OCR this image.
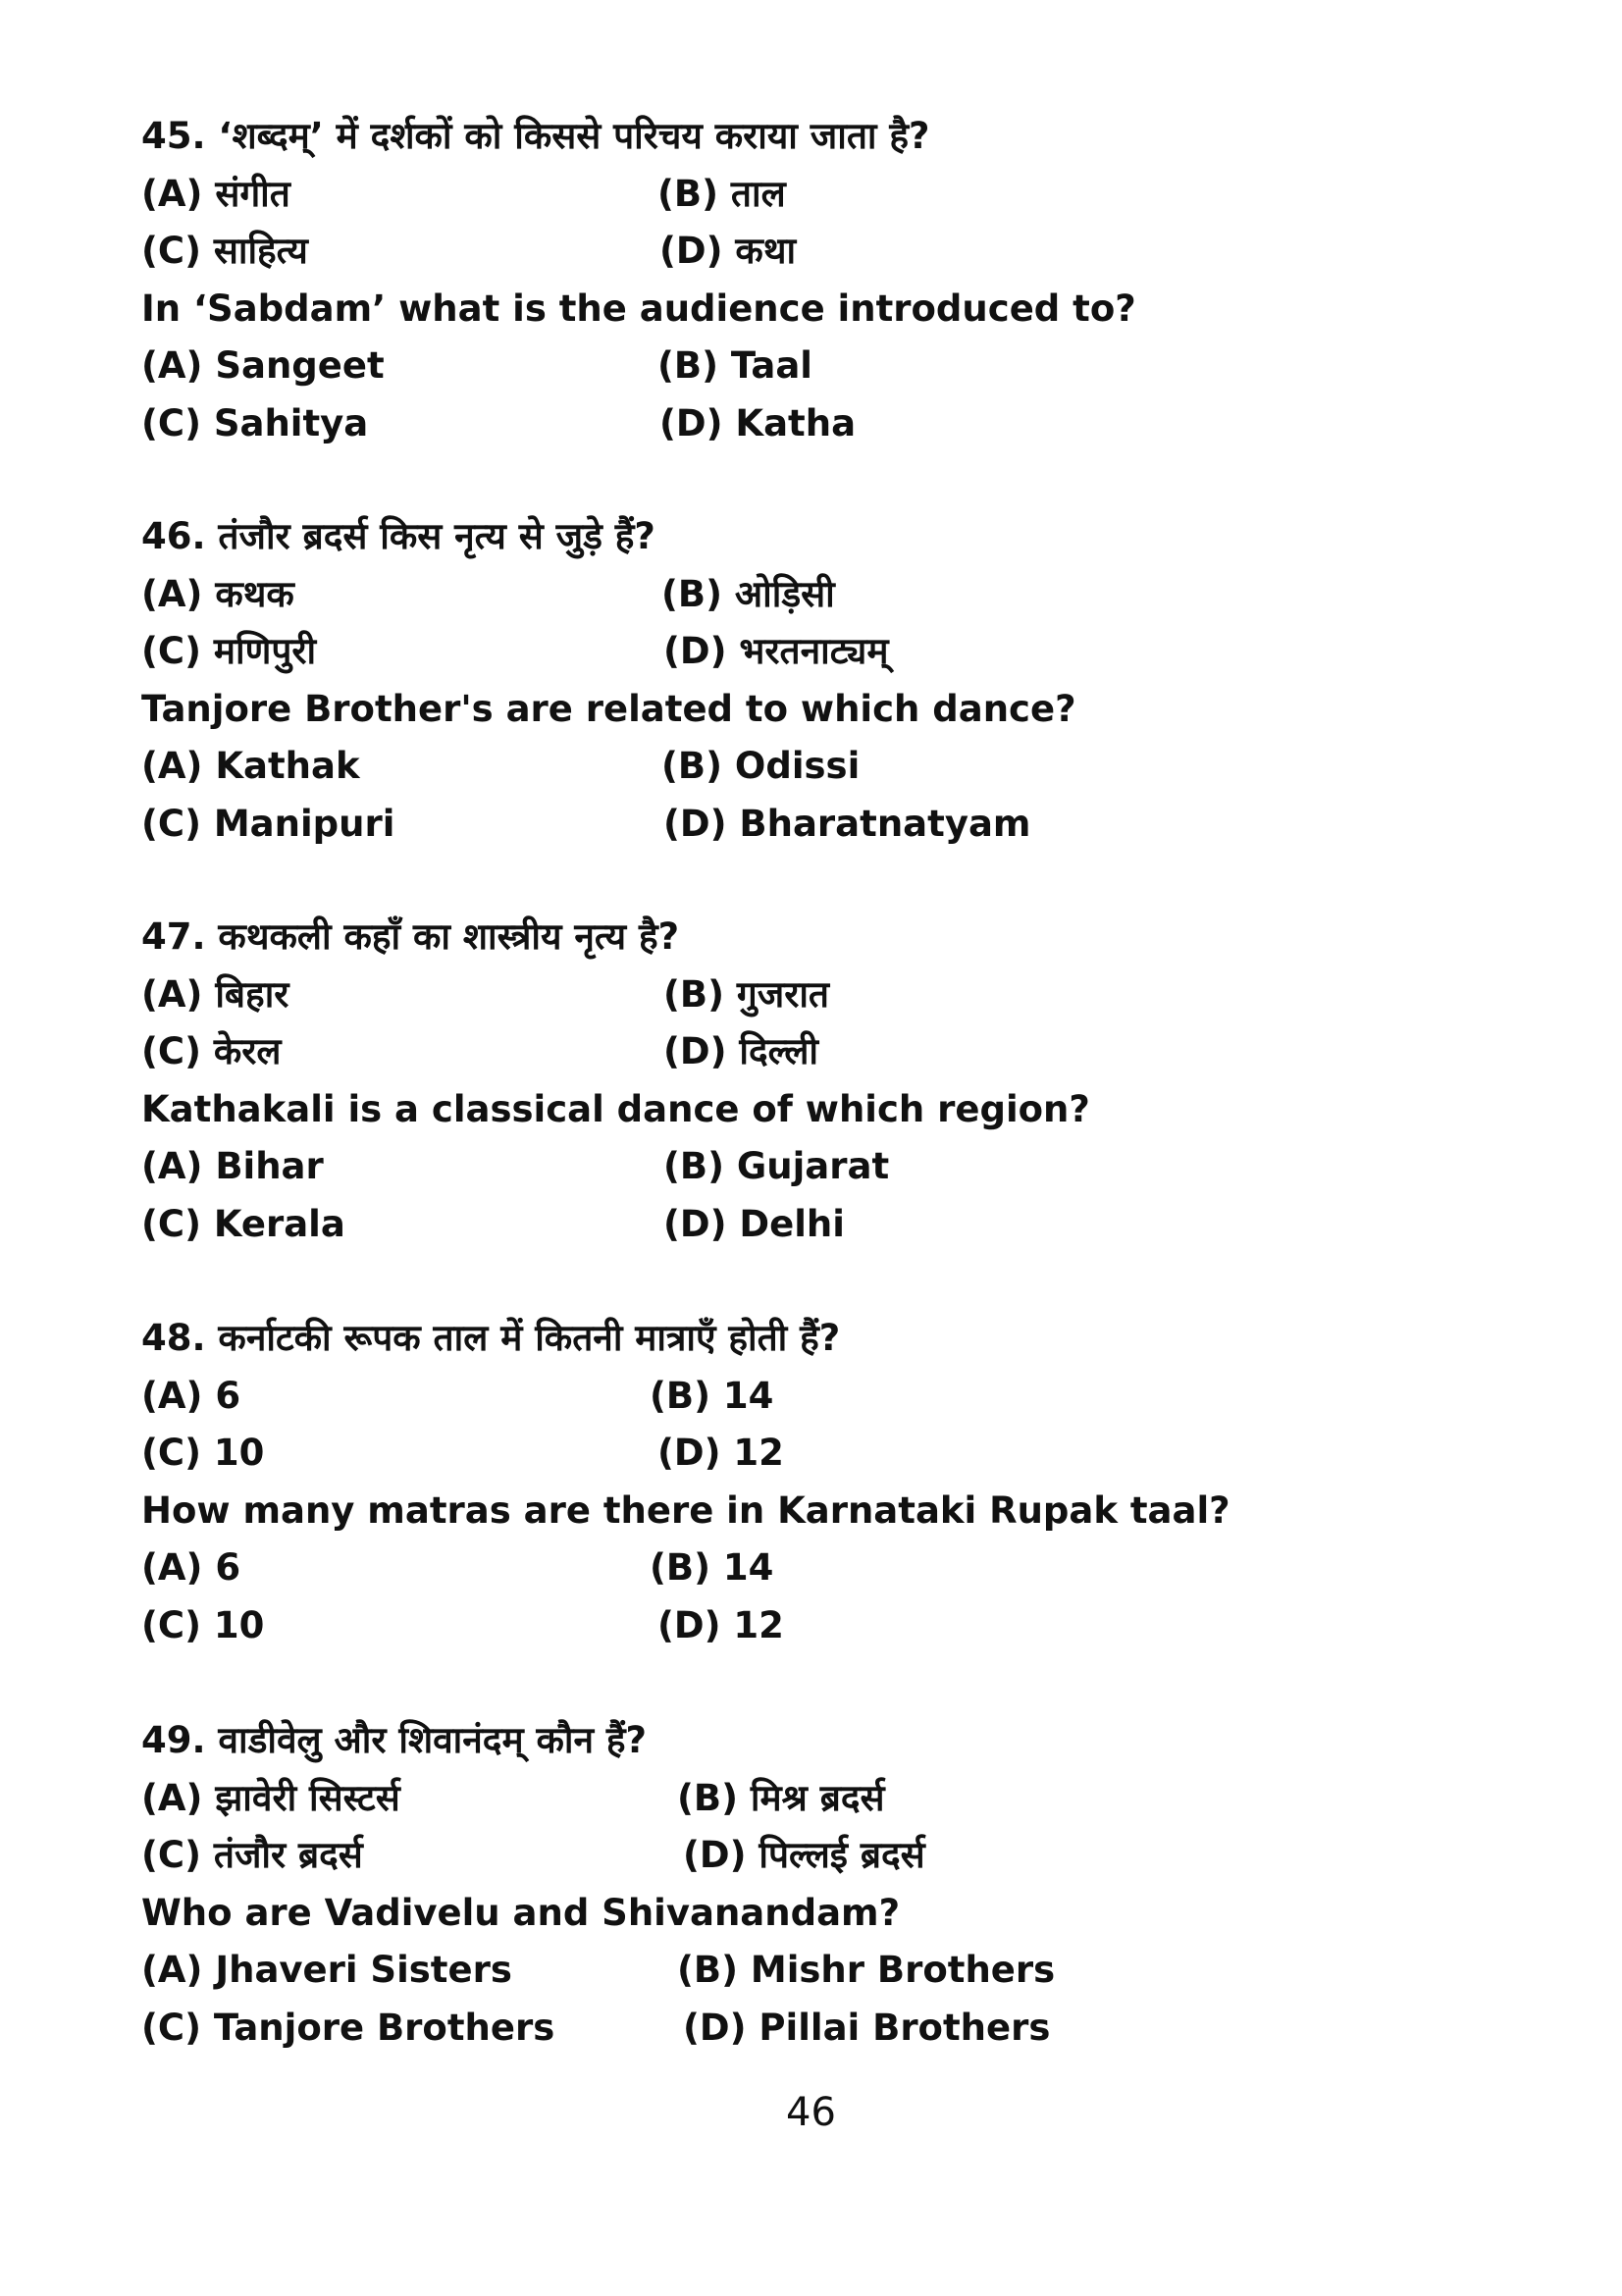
45. ‘शब्दम्’ में दर्शकों को किससे परिचय कराया जाता है?
(A) संगीत	(B) ताल
(C) साहित्य	(D) कथा
In ‘Sabdam’ what is the audience introduced to?
(A) Sangeet	(B) Taal
(C) Sahitya	(D) Katha
46. तंजौर ब्रदर्स किस नृत्य से जुड़े हैं?
(A) कथक	(B) ओड़िसी
(C) मणिपुरी	(D) भरतनाट्यम्
Tanjore Brother's are related to which dance?
(A) Kathak	(B) Odissi
(C) Manipuri	(D) Bharatnatyam
47. कथकली कहाँ का शास्त्रीय नृत्य है?
(A) बिहार	(B) गुजरात
(C) केरल	(D) दिल्ली
Kathakali is a classical dance of which region?
(A) Bihar	(B) Gujarat
(C) Kerala	(D) Delhi
48. कर्नाटकी रूपक ताल में कितनी मात्राएँ होती हैं?
(A) 6	(B) 14
(C) 10	(D) 12
How many matras are there in Karnataki Rupak taal?
(A) 6	(B) 14
(C) 10	(D) 12
49. वाडीवेलु और शिवानंदम् कौन हैं?
(A) झावेरी सिस्टर्स	(B) मिश्र ब्रदर्स
(C) तंजौर ब्रदर्स	(D) पिल्लई ब्रदर्स
Who are Vadivelu and Shivanandam?
(A) Jhaveri Sisters	(B) Mishr Brothers
(C) Tanjore Brothers	(D) Pillai Brothers
46
